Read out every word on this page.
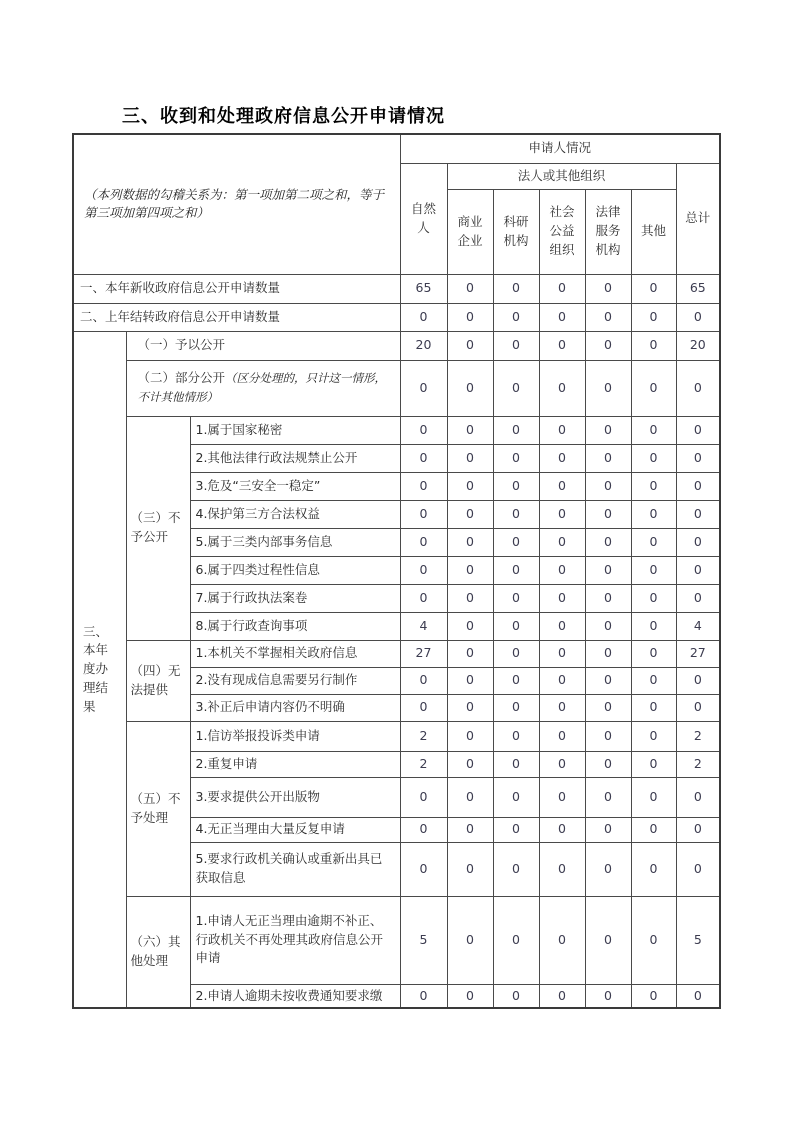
三、收到和处理政府信息公开申请情况
（本列数据的勾稽关系为：第一项加第二项之和，等于
第三项加第四项之和）			申请人情况						
			自然人	法人或其他组织					总计
				商业企业	科研机构	社会公益组织	法律服务机构	其他	
一、本年新收政府信息公开申请数量			65	0	0	0	0	0	65
二、上年结转政府信息公开申请数量			0	0	0	0	0	0	0
三、本年度办理结果	（一）予以公开		20	0	0	0	0	0	20
	（二）部分公开（区分处理的，只计这一情形，不计其他情形）		0	0	0	0	0	0	0
	（三）不予公开	1.属于国家秘密	0	0	0	0	0	0	0
		2.其他法律行政法规禁止公开	0	0	0	0	0	0	0
		3.危及“三安全一稳定”	0	0	0	0	0	0	0
		4.保护第三方合法权益	0	0	0	0	0	0	0
		5.属于三类内部事务信息	0	0	0	0	0	0	0
		6.属于四类过程性信息	0	0	0	0	0	0	0
		7.属于行政执法案卷	0	0	0	0	0	0	0
		8.属于行政查询事项	4	0	0	0	0	0	4
	（四）无法提供	1.本机关不掌握相关政府信息	27	0	0	0	0	0	27
		2.没有现成信息需要另行制作	0	0	0	0	0	0	0
		3.补正后申请内容仍不明确	0	0	0	0	0	0	0
	（五）不予处理	1.信访举报投诉类申请	2	0	0	0	0	0	2
		2.重复申请	2	0	0	0	0	0	2
		3.要求提供公开出版物	0	0	0	0	0	0	0
		4.无正当理由大量反复申请	0	0	0	0	0	0	0
		5.要求行政机关确认或重新出具已获取信息	0	0	0	0	0	0	0
	（六）其他处理	1.申请人无正当理由逾期不补正、行政机关不再处理其政府信息公开申请	5	0	0	0	0	0	5
		2.申请人逾期未按收费通知要求缴	0	0	0	0	0	0	0
